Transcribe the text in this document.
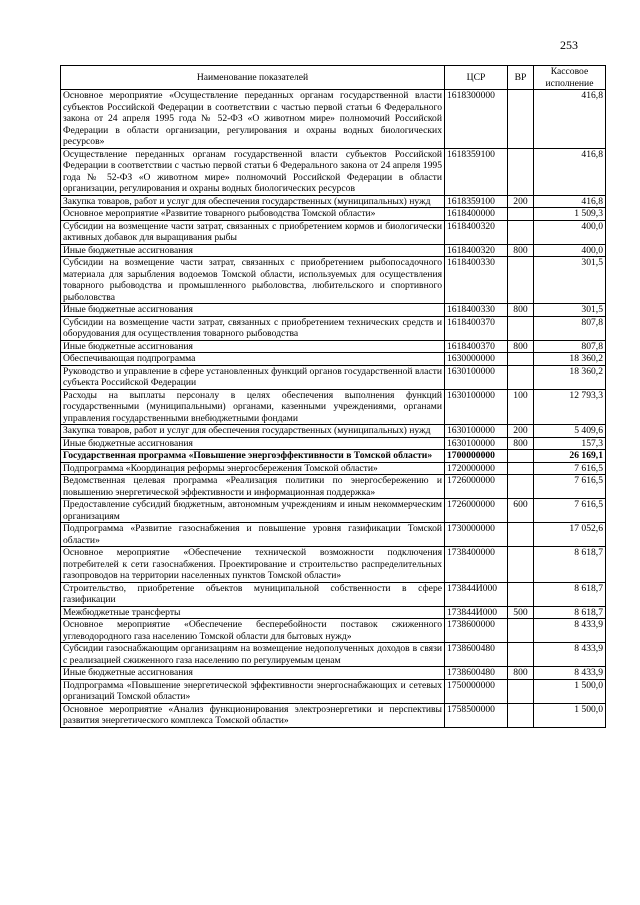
253
Наименование показателей	ЦСР	ВР	Кассовое исполнение
Основное мероприятие «Осуществление переданных органам государственной власти субъектов Российской Федерации в соответствии с частью первой статьи 6 Федерального закона от 24 апреля 1995 года № 52-ФЗ «О животном мире» полномочий Российской Федерации в области организации, регулирования и охраны водных биологических ресурсов»	1618300000		416,8
Осуществление переданных органам государственной власти субъектов Российской Федерации в соответствии с частью первой статьи 6 Федерального закона от 24 апреля 1995 года № 52-ФЗ «О животном мире» полномочий Российской Федерации в области организации, регулирования и охраны водных биологических ресурсов	1618359100		416,8
Закупка товаров, работ и услуг для обеспечения государственных (муниципальных) нужд	1618359100	200	416,8
Основное мероприятие «Развитие товарного рыбоводства Томской области»	1618400000		1 509,3
Субсидии на возмещение части затрат, связанных с приобретением кормов и биологически активных добавок для выращивания рыбы	1618400320		400,0
Иные бюджетные ассигнования	1618400320	800	400,0
Субсидии на возмещение части затрат, связанных с приобретением рыбопосадочного материала для зарыбления водоемов Томской области, используемых для осуществления товарного рыбоводства и промышленного рыболовства, любительского и спортивного рыболовства	1618400330		301,5
Иные бюджетные ассигнования	1618400330	800	301,5
Субсидии на возмещение части затрат, связанных с приобретением технических средств и оборудования для осуществления товарного рыбоводства	1618400370		807,8
Иные бюджетные ассигнования	1618400370	800	807,8
Обеспечивающая подпрограмма	1630000000		18 360,2
Руководство и управление в сфере установленных функций органов государственной власти субъекта Российской Федерации	1630100000		18 360,2
Расходы на выплаты персоналу в целях обеспечения выполнения функций государственными (муниципальными) органами, казенными учреждениями, органами управления государственными внебюджетными фондами	1630100000	100	12 793,3
Закупка товаров, работ и услуг для обеспечения государственных (муниципальных) нужд	1630100000	200	5 409,6
Иные бюджетные ассигнования	1630100000	800	157,3
Государственная программа «Повышение энергоэффективности в Томской области»	1700000000		26 169,1
Подпрограмма «Координация реформы энергосбережения Томской области»	1720000000		7 616,5
Ведомственная целевая программа «Реализация политики по энергосбережению и повышению энергетической эффективности и информационная поддержка»	1726000000		7 616,5
Предоставление субсидий бюджетным, автономным учреждениям и иным некоммерческим организациям	1726000000	600	7 616,5
Подпрограмма «Развитие газоснабжения и повышение уровня газификации Томской области»	1730000000		17 052,6
Основное мероприятие «Обеспечение технической возможности подключения потребителей к сети газоснабжения. Проектирование и строительство распределительных газопроводов на территории населенных пунктов Томской области»	1738400000		8 618,7
Строительство, приобретение объектов муниципальной собственности в сфере газификации	173844И000		8 618,7
Межбюджетные трансферты	173844И000	500	8 618,7
Основное мероприятие «Обеспечение бесперебойности поставок сжиженного углеводородного газа населению Томской области для бытовых нужд»	1738600000		8 433,9
Субсидии газоснабжающим организациям на возмещение недополученных доходов в связи с реализацией сжиженного газа населению по регулируемым ценам	1738600480		8 433,9
Иные бюджетные ассигнования	1738600480	800	8 433,9
Подпрограмма «Повышение энергетической эффективности энергоснабжающих и сетевых организаций Томской области»	1750000000		1 500,0
Основное мероприятие «Анализ функционирования электроэнергетики и перспективы развития энергетического комплекса Томской области»	1758500000		1 500,0
